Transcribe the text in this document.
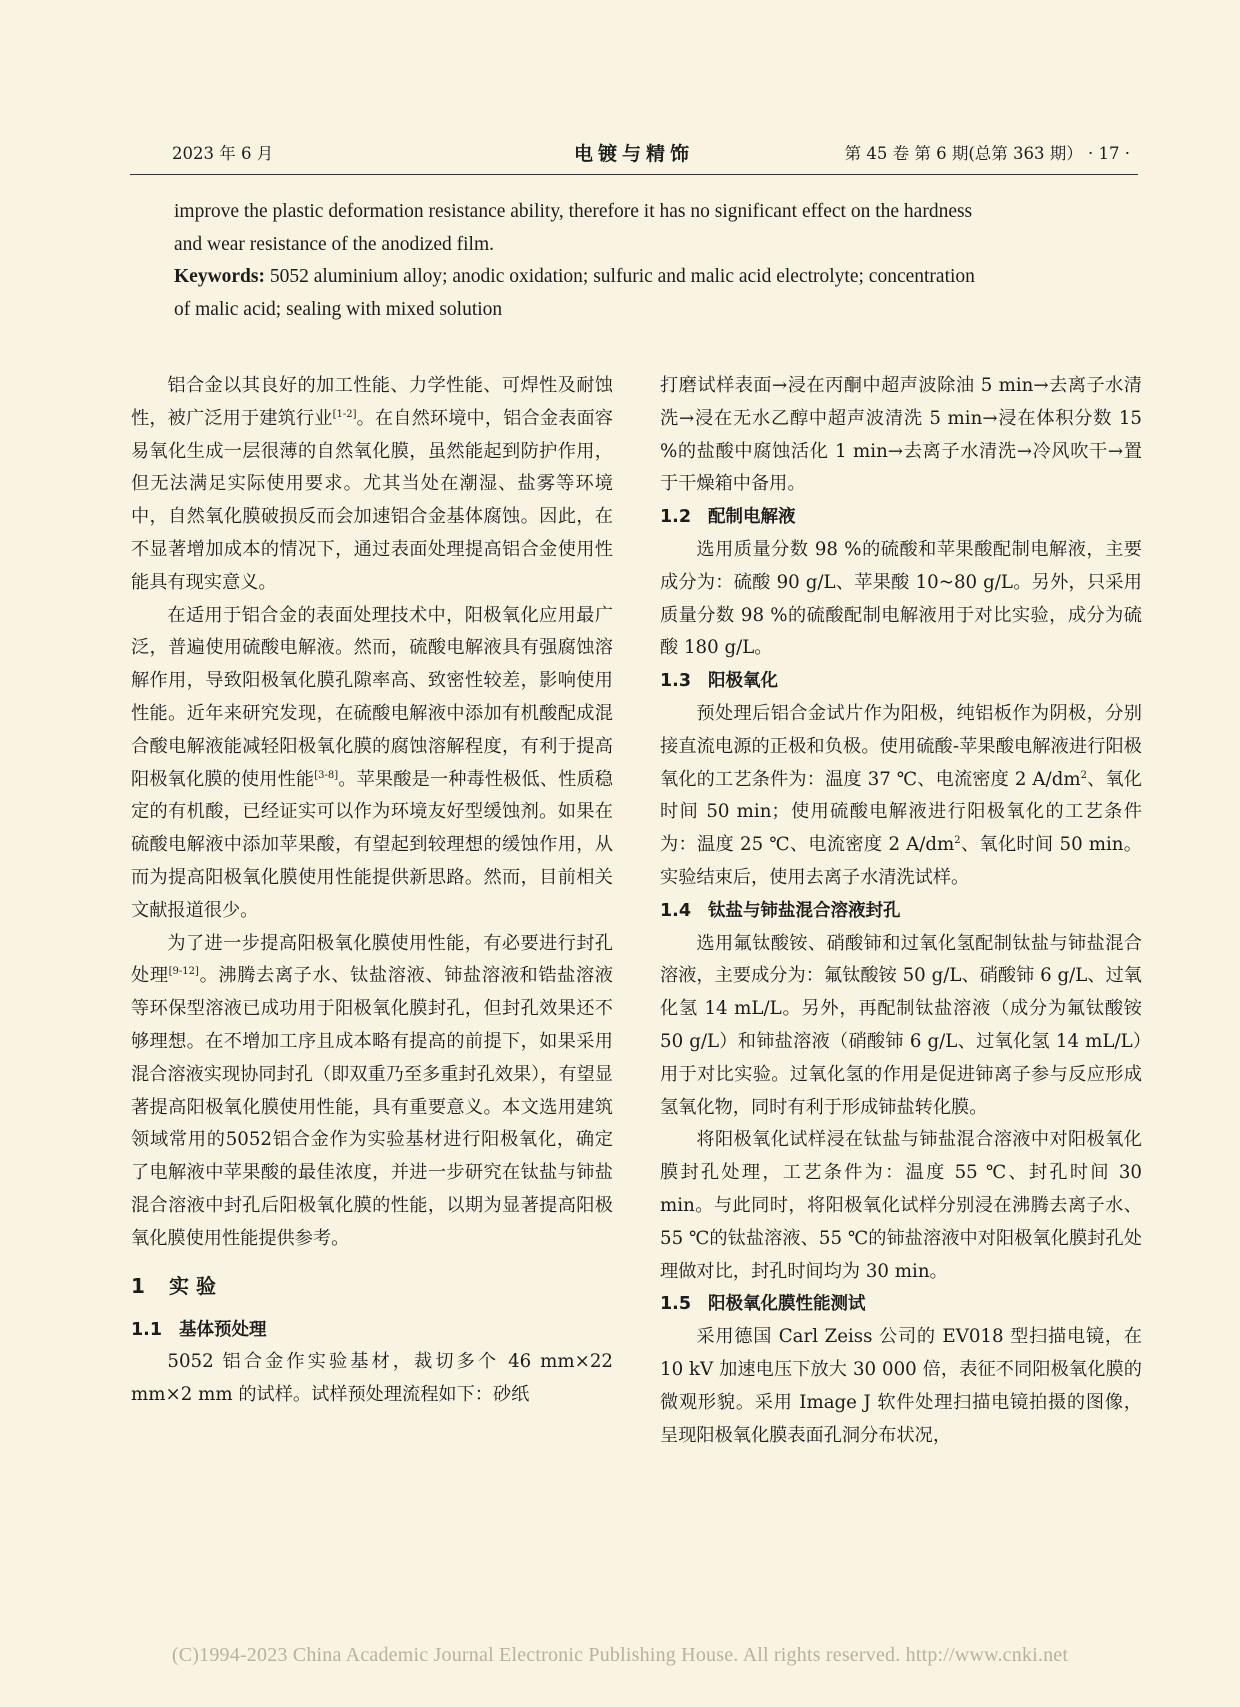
2023 年 6 月	电镀与精饰	第 45 卷 第 6 期(总第 363 期） · 17 ·

improve the plastic deformation resistance ability, therefore it has no significant effect on the hardness

and wear resistance of the anodized film.

Keywords: 5052 aluminium alloy; anodic oxidation; sulfuric and malic acid electrolyte; concentration

of malic acid; sealing with mixed solution

铝合金以其良好的加工性能、力学性能、可焊性及耐蚀性，被广泛用于建筑行业[1-2]。在自然环境中，铝合金表面容易氧化生成一层很薄的自然氧化膜，虽然能起到防护作用，但无法满足实际使用要求。尤其当处在潮湿、盐雾等环境中，自然氧化膜破损反而会加速铝合金基体腐蚀。因此，在不显著增加成本的情况下，通过表面处理提高铝合金使用性能具有现实意义。

在适用于铝合金的表面处理技术中，阳极氧化应用最广泛，普遍使用硫酸电解液。然而，硫酸电解液具有强腐蚀溶解作用，导致阳极氧化膜孔隙率高、致密性较差，影响使用性能。近年来研究发现，在硫酸电解液中添加有机酸配成混合酸电解液能减轻阳极氧化膜的腐蚀溶解程度，有利于提高阳极氧化膜的使用性能[3-8]。苹果酸是一种毒性极低、性质稳定的有机酸，已经证实可以作为环境友好型缓蚀剂。如果在硫酸电解液中添加苹果酸，有望起到较理想的缓蚀作用，从而为提高阳极氧化膜使用性能提供新思路。然而，目前相关文献报道很少。

为了进一步提高阳极氧化膜使用性能，有必要进行封孔处理[9-12]。沸腾去离子水、钛盐溶液、铈盐溶液和锆盐溶液等环保型溶液已成功用于阳极氧化膜封孔，但封孔效果还不够理想。在不增加工序且成本略有提高的前提下，如果采用混合溶液实现协同封孔（即双重乃至多重封孔效果），有望显著提高阳极氧化膜使用性能，具有重要意义。本文选用建筑领域常用的5052铝合金作为实验基材进行阳极氧化，确定了电解液中苹果酸的最佳浓度，并进一步研究在钛盐与铈盐混合溶液中封孔后阳极氧化膜的性能，以期为显著提高阳极氧化膜使用性能提供参考。

1 实 验
1.1 基体预处理

5052 铝合金作实验基材，裁切多个 46 mm×22 mm×2 mm 的试样。试样预处理流程如下：砂纸

打磨试样表面→浸在丙酮中超声波除油 5 min→去离子水清洗→浸在无水乙醇中超声波清洗 5 min→浸在体积分数 15 %的盐酸中腐蚀活化 1 min→去离子水清洗→冷风吹干→置于干燥箱中备用。

1.2 配制电解液

选用质量分数 98 %的硫酸和苹果酸配制电解液，主要成分为：硫酸 90 g/L、苹果酸 10~80 g/L。另外，只采用质量分数 98 %的硫酸配制电解液用于对比实验，成分为硫酸 180 g/L。

1.3 阳极氧化

预处理后铝合金试片作为阳极，纯铝板作为阴极，分别接直流电源的正极和负极。使用硫酸-苹果酸电解液进行阳极氧化的工艺条件为：温度 37 ℃、电流密度 2 $A/dm^2$、氧化时间 50 min；使用硫酸电解液进行阳极氧化的工艺条件为：温度 25 ℃、电流密度 2 $A/dm^2$、氧化时间 50 min。实验结束后，使用去离子水清洗试样。

1.4 钛盐与铈盐混合溶液封孔

选用氟钛酸铵、硝酸铈和过氧化氢配制钛盐与铈盐混合溶液，主要成分为：氟钛酸铵 50 g/L、硝酸铈 6 g/L、过氧化氢 14 mL/L。另外，再配制钛盐溶液（成分为氟钛酸铵 50 g/L）和铈盐溶液（硝酸铈 6 g/L、过氧化氢 14 mL/L）用于对比实验。过氧化氢的作用是促进铈离子参与反应形成氢氧化物，同时有利于形成铈盐转化膜。

将阳极氧化试样浸在钛盐与铈盐混合溶液中对阳极氧化膜封孔处理，工艺条件为：温度 55 ℃、封孔时间 30 min。与此同时，将阳极氧化试样分别浸在沸腾去离子水、55 ℃的钛盐溶液、55 ℃的铈盐溶液中对阳极氧化膜封孔处理做对比，封孔时间均为 30 min。

1.5 阳极氧化膜性能测试

采用德国 Carl Zeiss 公司的 EV018 型扫描电镜，在 10 kV 加速电压下放大 30 000 倍，表征不同阳极氧化膜的微观形貌。采用 Image J 软件处理扫描电镜拍摄的图像，呈现阳极氧化膜表面孔洞分布状况，

(C)1994-2023 China Academic Journal Electronic Publishing House. All rights reserved. http://www.cnki.net
